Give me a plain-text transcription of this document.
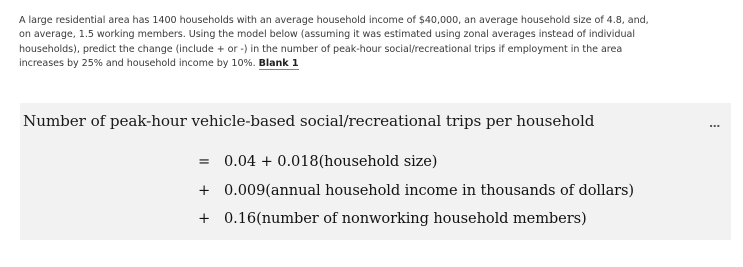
A large residential area has 1400 households with an average household income of $40,000, an average household size of 4.8, and,
on average, 1.5 working members. Using the model below (assuming it was estimated using zonal averages instead of individual
households), predict the change (include + or -) in the number of peak-hour social/recreational trips if employment in the area
increases by 25% and household income by 10%. Blank 1
Number of peak-hour vehicle-based social/recreational trips per household	...
= 0.04 + 0.018(household size)
+ 0.009(annual household income in thousands of dollars)
+ 0.16(number of nonworking household members)
